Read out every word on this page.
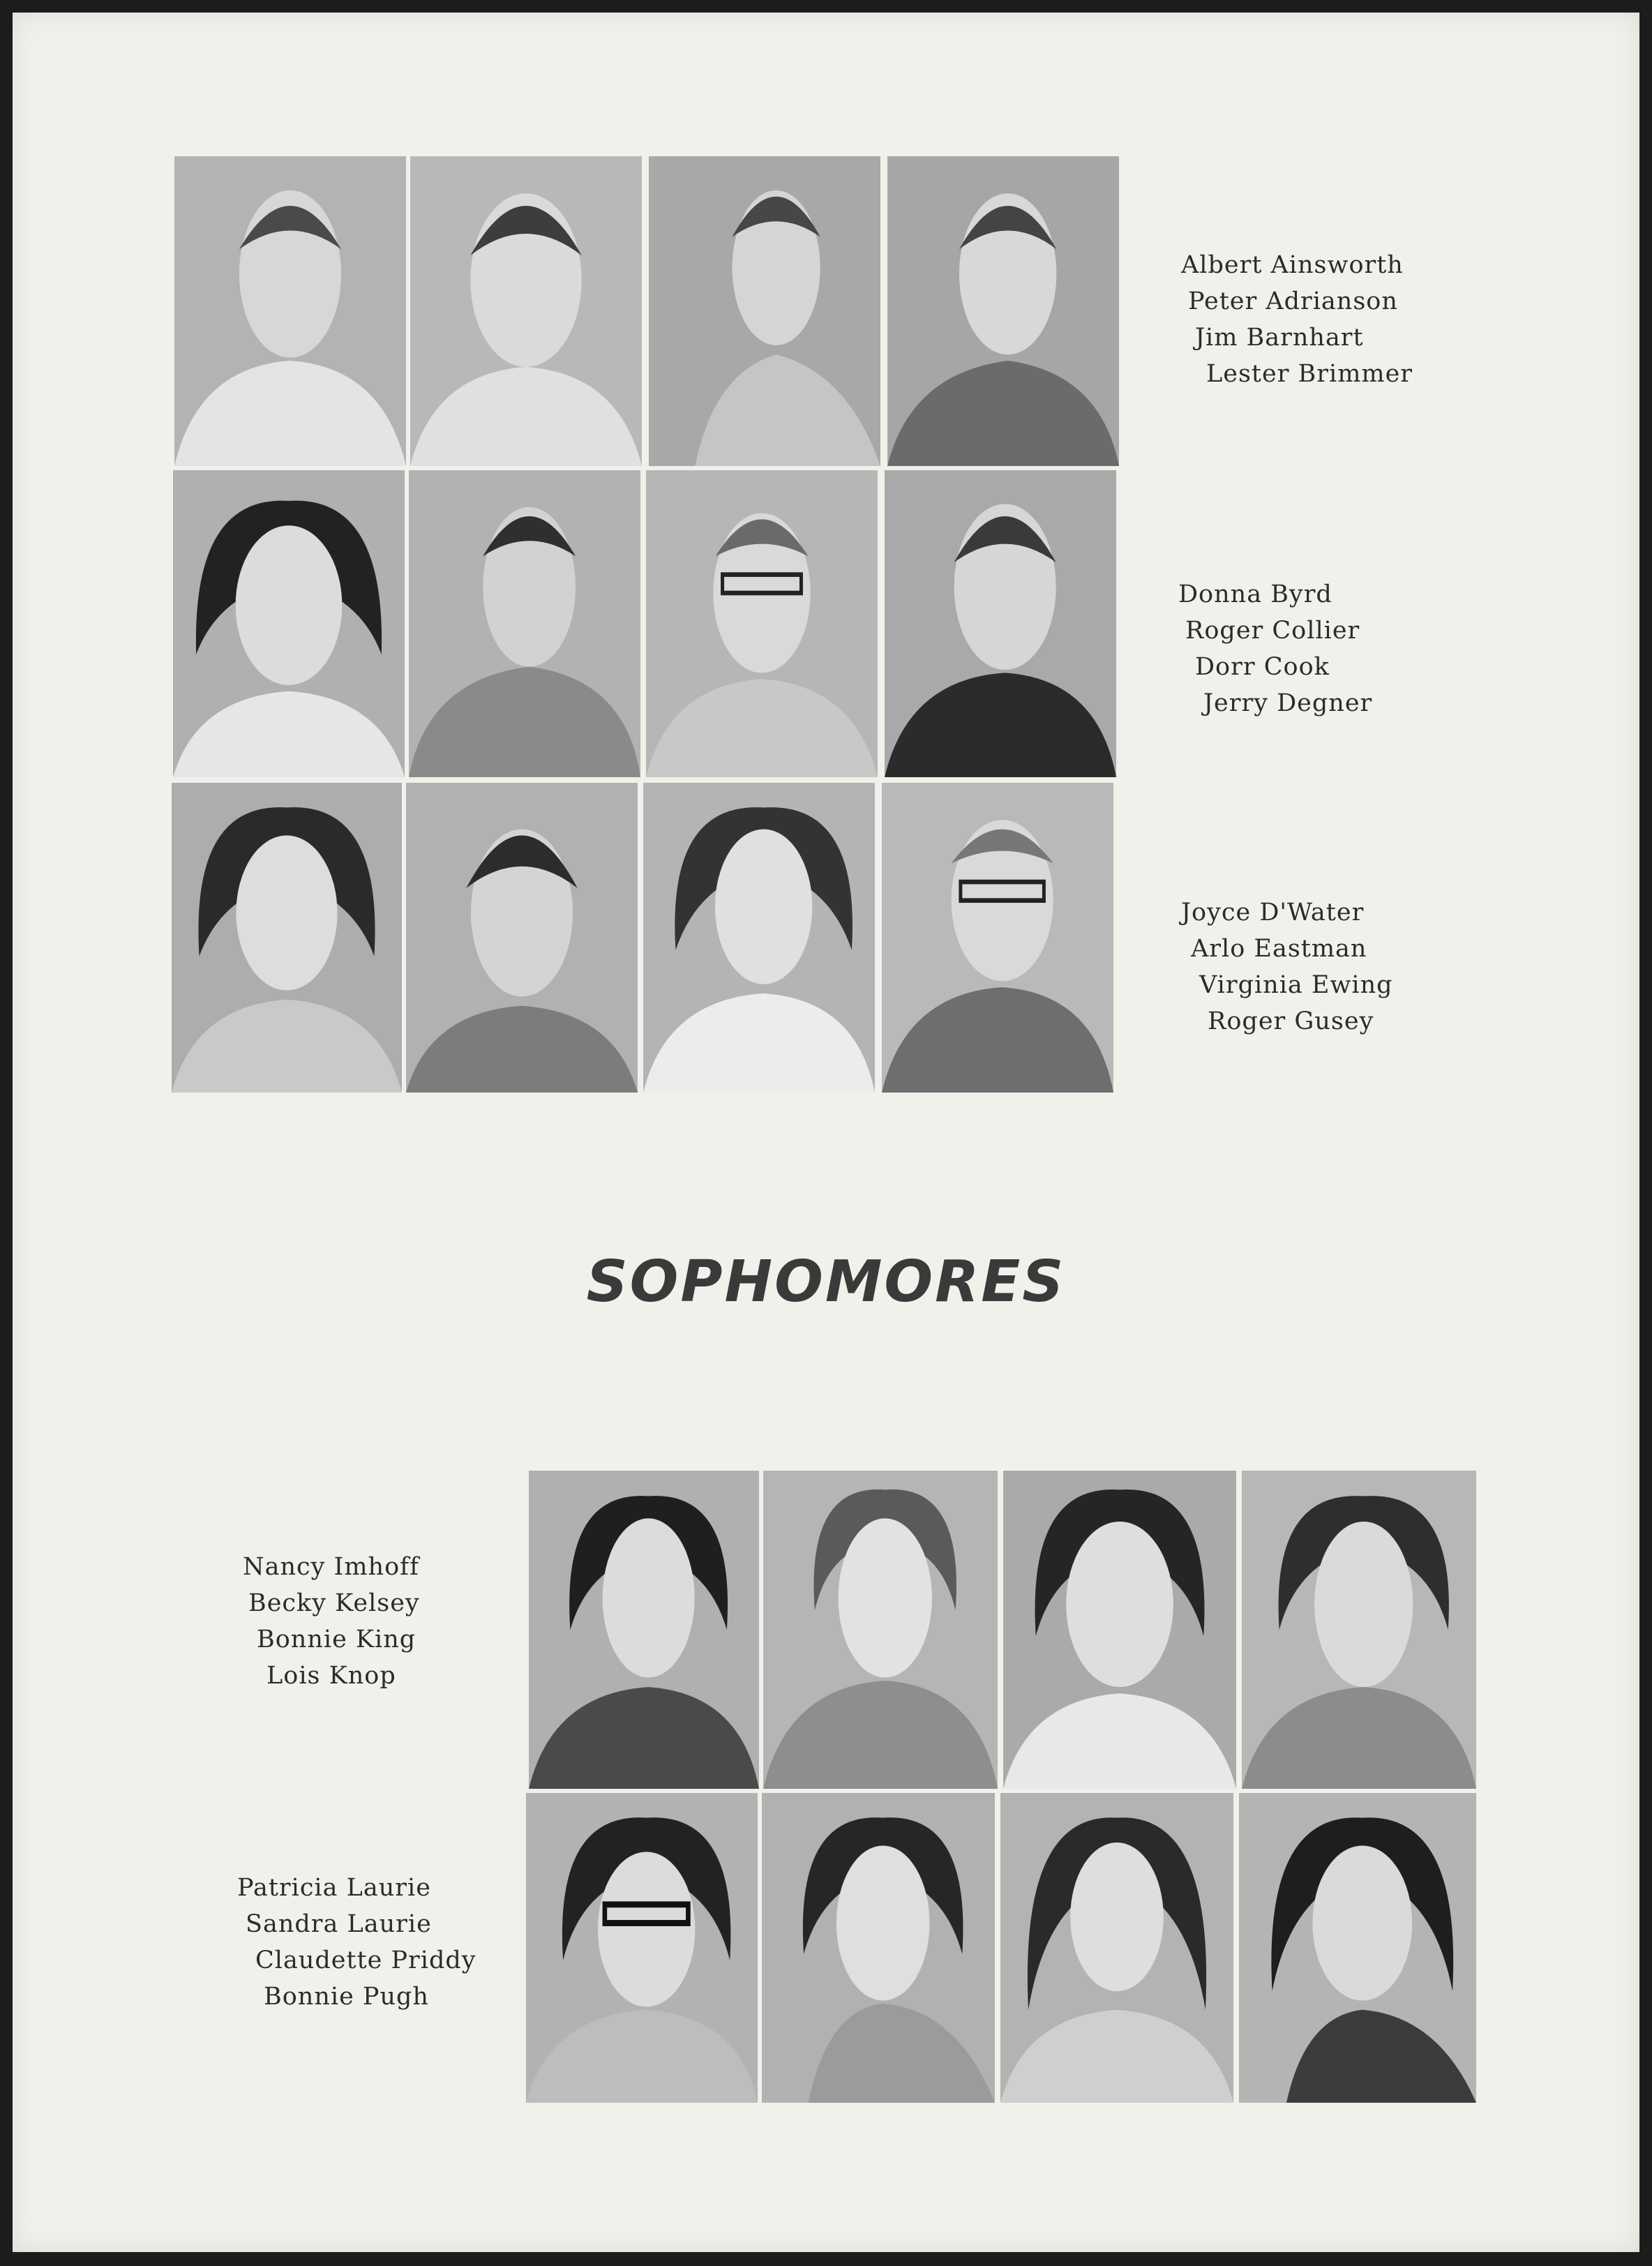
Albert Ainsworth
Peter Adrianson
Jim Barnhart
Lester Brimmer
Donna Byrd
Roger Collier
Dorr Cook
Jerry Degner
Joyce D'Water
Arlo Eastman
Virginia Ewing
Roger Gusey
SOPHOMORES
Nancy Imhoff
Becky Kelsey
Bonnie King
Lois Knop
Patricia Laurie
Sandra Laurie
Claudette Priddy
Bonnie Pugh
